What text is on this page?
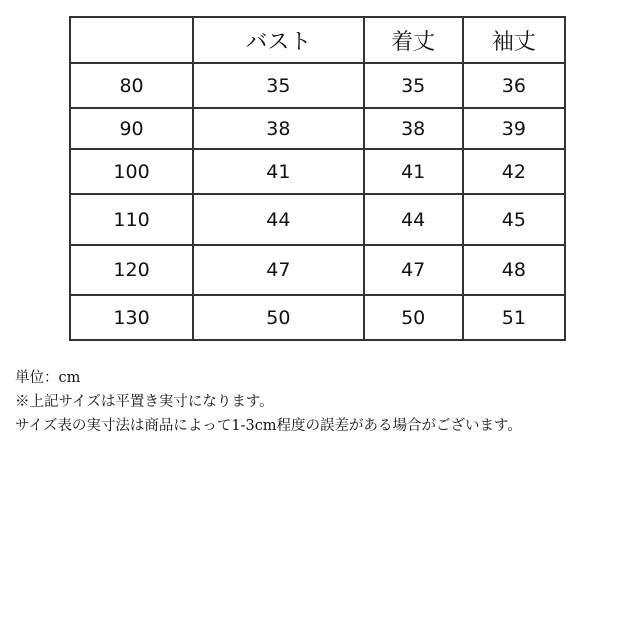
	バスト	着丈	袖丈
80	35	35	36
90	38	38	39
100	41	41	42
110	44	44	45
120	47	47	48
130	50	50	51
単位：cm
※上記サイズは平置き実寸になります。
サイズ表の実寸法は商品によって1-3cm程度の誤差がある場合がございます。
